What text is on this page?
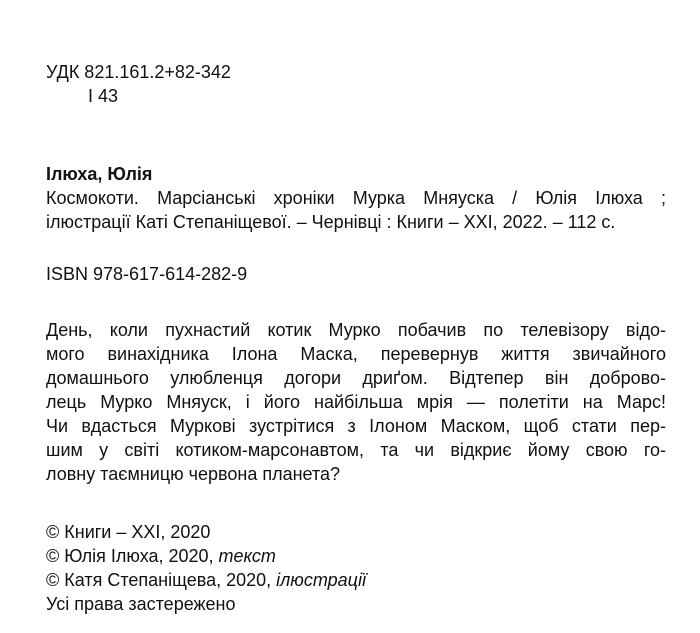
УДК 821.161.2+82-342
І 43
Ілюха, Юлія
Космокоти. Марсіанські хроніки Мурка Мняуска / Юлія Ілюха ;
ілюстрації Каті Степаніщевої. – Чернівці : Книги – ХХІ, 2022. – 112 с.
ISBN 978-617-614-282-9
День, коли пухнастий котик Мурко побачив по телевізору відо-
мого винахідника Ілона Маска, перевернув життя звичайного
домашнього улюбленця догори дриґом. Відтепер він доброво-
лець Мурко Мняуск, і його найбільша мрія — полетіти на Марс!
Чи вдасться Муркові зустрітися з Ілоном Маском, щоб стати пер-
шим у світі котиком-марсонавтом, та чи відкриє йому свою го-
ловну таємницю червона планета?
© Книги – ХХІ, 2020
© Юлія Ілюха, 2020, текст
© Катя Степаніщева, 2020, ілюстрації
Усі права застережено
